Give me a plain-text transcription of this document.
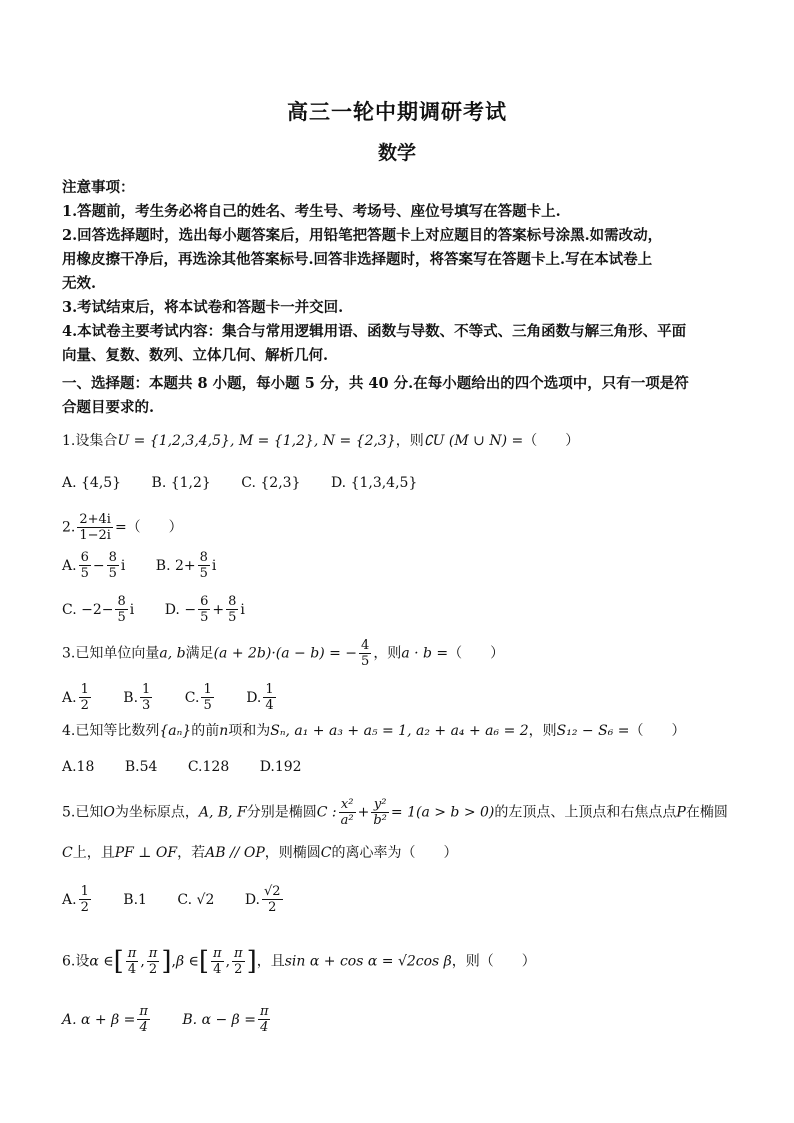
高三一轮中期调研考试
数学
注意事项：
1.答题前，考生务必将自己的姓名、考生号、考场号、座位号填写在答题卡上.
2.回答选择题时，选出每小题答案后，用铅笔把答题卡上对应题目的答案标号涂黑.如需改动，
用橡皮擦干净后，再选涂其他答案标号.回答非选择题时，将答案写在答题卡上.写在本试卷上
无效.
3.考试结束后，将本试卷和答题卡一并交回.
4.本试卷主要考试内容：集合与常用逻辑用语、函数与导数、不等式、三角函数与解三角形、平面
向量、复数、数列、立体几何、解析几何.
一、选择题：本题共 8 小题，每小题 5 分，共 40 分.在每小题给出的四个选项中，只有一项是符
合题目要求的.
1.设集合U = {1,2,3,4,5}, M = {1,2}, N = {2,3}，则∁U (M ∪ N) =（　　）
A. {4,5} B. {1,2} C. {2,3} D. {1,3,4,5}
2. $\frac{2+4i}{1-2i}$ =（　　）
A. $\frac{6}{5} - \frac{8}{5}$ i B. $2+ \frac{8}{5}$ i
C. $-2- \frac{8}{5}$ i D. − $\frac{6}{5} + \frac{8}{5}$ i
3.已知单位向量a, b满足(a + 2b)·(a − b) = − $\frac{4}{5}$ ，则a · b =（　　）
A. $\frac{1}{2} B$. $\frac{1}{3} C$. $\frac{1}{5} D$. $\frac{1}{4}$
4.已知等比数列{aₙ}的前n项和为Sₙ, a₁ + a₃ + a₅ = 1, a₂ + a₄ + a₆ = 2，则S₁₂ − S₆ =（　　）
A.18 B.54 C.128 D.192
5.已知O为坐标原点，A, B, F分别是椭圆C : $\frac{\text{x²}}{\text{a²}} + \frac{\text{y²}}{\text{b²}} = 1(a > b > 0)$的左顶点、上顶点和右焦点点P在椭圆
C上，且PF ⊥ OF，若AB // OP，则椭圆C的离心率为（　　）
A. $\frac{1}{2} B.1$ C. √2 D. $\frac{√2}{2}$
6.设α ∈[ $\frac{\pi}{4}$ , $\frac{\pi}{2} ],\beta$ ∈[ $\frac{\pi}{4}$ , $\frac{\pi}{2}$ ]，且sin α + cos α = √2cos β，则（　　）
A. $\alpha + \beta = \frac{\pi}{4} B$. $\alpha - \beta = \frac{\pi}{4}$
